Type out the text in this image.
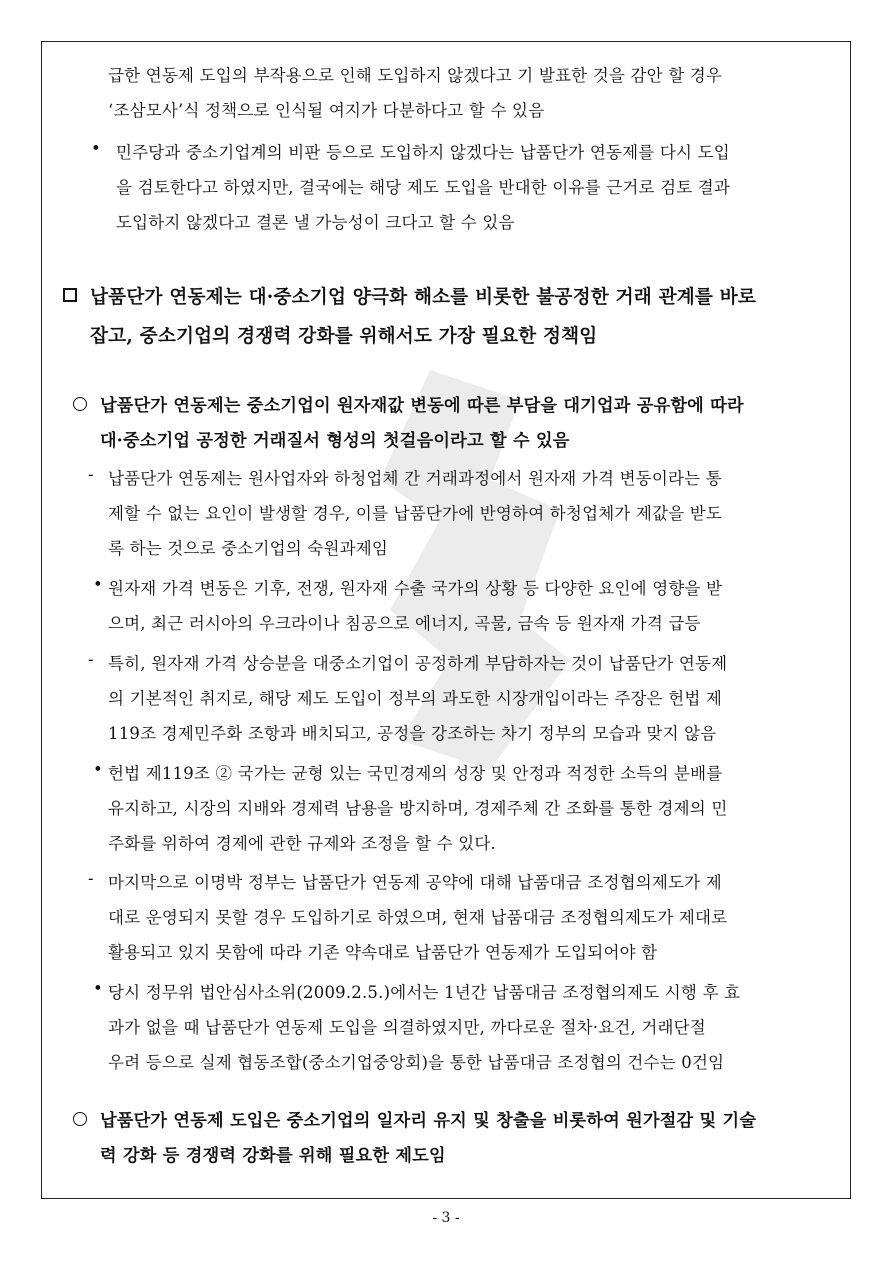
급한 연동제 도입의 부작용으로 인해 도입하지 않겠다고 기 발표한 것을 감안 할 경우
‘조삼모사’식 정책으로 인식될 여지가 다분하다고 할 수 있음
• 민주당과 중소기업계의 비판 등으로 도입하지 않겠다는 납품단가 연동제를 다시 도입
을 검토한다고 하였지만, 결국에는 해당 제도 도입을 반대한 이유를 근거로 검토 결과
도입하지 않겠다고 결론 낼 가능성이 크다고 할 수 있음
납품단가 연동제는 대·중소기업 양극화 해소를 비롯한 불공정한 거래 관계를 바로
잡고, 중소기업의 경쟁력 강화를 위해서도 가장 필요한 정책임
납품단가 연동제는 중소기업이 원자재값 변동에 따른 부담을 대기업과 공유함에 따라
대·중소기업 공정한 거래질서 형성의 첫걸음이라고 할 수 있음
- 납품단가 연동제는 원사업자와 하청업체 간 거래과정에서 원자재 가격 변동이라는 통
제할 수 없는 요인이 발생할 경우, 이를 납품단가에 반영하여 하청업체가 제값을 받도
록 하는 것으로 중소기업의 숙원과제임
• 원자재 가격 변동은 기후, 전쟁, 원자재 수출 국가의 상황 등 다양한 요인에 영향을 받
으며, 최근 러시아의 우크라이나 침공으로 에너지, 곡물, 금속 등 원자재 가격 급등
- 특히, 원자재 가격 상승분을 대중소기업이 공정하게 부담하자는 것이 납품단가 연동제
의 기본적인 취지로, 해당 제도 도입이 정부의 과도한 시장개입이라는 주장은 헌법 제
119조 경제민주화 조항과 배치되고, 공정을 강조하는 차기 정부의 모습과 맞지 않음
• 헌법 제119조 ② 국가는 균형 있는 국민경제의 성장 및 안정과 적정한 소득의 분배를
유지하고, 시장의 지배와 경제력 남용을 방지하며, 경제주체 간 조화를 통한 경제의 민
주화를 위하여 경제에 관한 규제와 조정을 할 수 있다.
- 마지막으로 이명박 정부는 납품단가 연동제 공약에 대해 납품대금 조정협의제도가 제
대로 운영되지 못할 경우 도입하기로 하였으며, 현재 납품대금 조정협의제도가 제대로
활용되고 있지 못함에 따라 기존 약속대로 납품단가 연동제가 도입되어야 함
• 당시 정무위 법안심사소위(2009.2.5.)에서는 1년간 납품대금 조정협의제도 시행 후 효
과가 없을 때 납품단가 연동제 도입을 의결하였지만, 까다로운 절차·요건, 거래단절
우려 등으로 실제 협동조합(중소기업중앙회)을 통한 납품대금 조정협의 건수는 0건임
납품단가 연동제 도입은 중소기업의 일자리 유지 및 창출을 비롯하여 원가절감 및 기술
력 강화 등 경쟁력 강화를 위해 필요한 제도임
- 3 -
